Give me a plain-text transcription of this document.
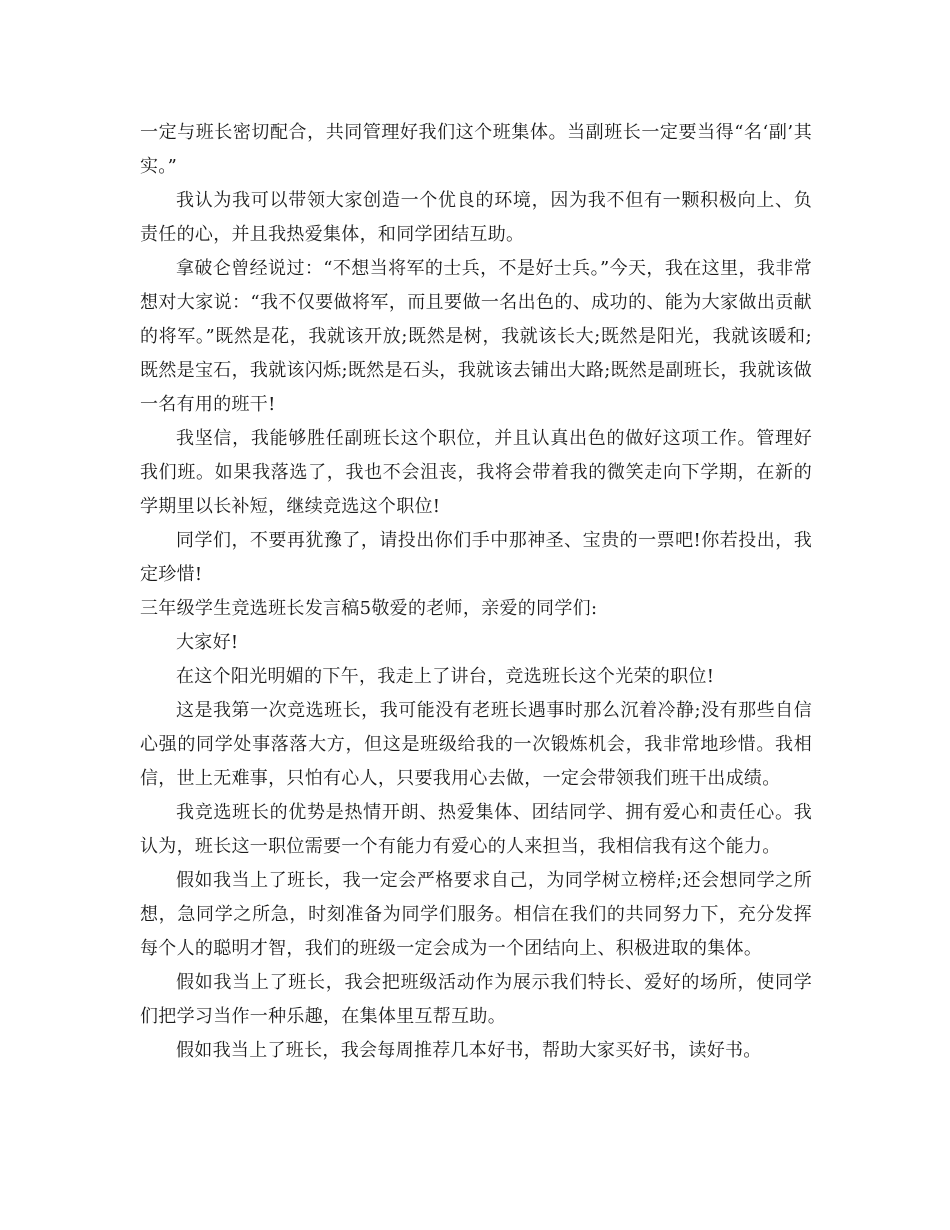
一定与班长密切配合，共同管理好我们这个班集体。当副班长一定要当得“名‘副’其实。”

我认为我可以带领大家创造一个优良的环境，因为我不但有一颗积极向上、负责任的心，并且我热爱集体，和同学团结互助。

拿破仑曾经说过：“不想当将军的士兵，不是好士兵。”今天，我在这里，我非常想对大家说：“我不仅要做将军，而且要做一名出色的、成功的、能为大家做出贡献的将军。”既然是花，我就该开放;既然是树，我就该长大;既然是阳光，我就该暖和;既然是宝石，我就该闪烁;既然是石头，我就该去铺出大路;既然是副班长，我就该做一名有用的班干!

我坚信，我能够胜任副班长这个职位，并且认真出色的做好这项工作。管理好我们班。如果我落选了，我也不会沮丧，我将会带着我的微笑走向下学期，在新的学期里以长补短，继续竞选这个职位!

同学们，不要再犹豫了，请投出你们手中那神圣、宝贵的一票吧!你若投出，我定珍惜!

三年级学生竞选班长发言稿5敬爱的老师，亲爱的同学们:

大家好!

在这个阳光明媚的下午，我走上了讲台，竞选班长这个光荣的职位!

这是我第一次竞选班长，我可能没有老班长遇事时那么沉着冷静;没有那些自信心强的同学处事落落大方，但这是班级给我的一次锻炼机会，我非常地珍惜。我相信，世上无难事，只怕有心人，只要我用心去做，一定会带领我们班干出成绩。

我竞选班长的优势是热情开朗、热爱集体、团结同学、拥有爱心和责任心。我认为，班长这一职位需要一个有能力有爱心的人来担当，我相信我有这个能力。

假如我当上了班长，我一定会严格要求自己，为同学树立榜样;还会想同学之所想，急同学之所急，时刻准备为同学们服务。相信在我们的共同努力下，充分发挥每个人的聪明才智，我们的班级一定会成为一个团结向上、积极进取的集体。

假如我当上了班长，我会把班级活动作为展示我们特长、爱好的场所，使同学们把学习当作一种乐趣，在集体里互帮互助。

假如我当上了班长，我会每周推荐几本好书，帮助大家买好书，读好书。
